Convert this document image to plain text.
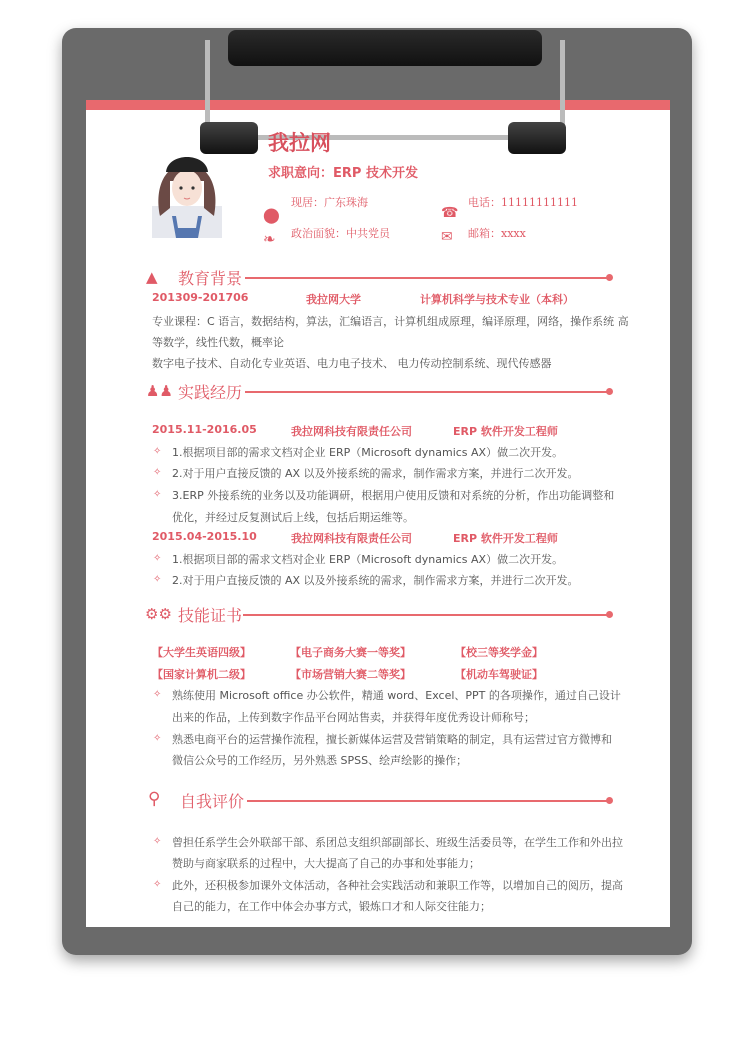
我拉网
求职意向：ERP 技术开发
现居：广东珠海	电话：11111111111
政治面貌：中共党员	邮箱：xxxx
⬤
❧
☎
✉
▲	教育背景
201309-201706	我拉网大学	计算机科学与技术专业（本科）
专业课程：C 语言，数据结构，算法，汇编语言，计算机组成原理，编译原理，网络，操作系统 高
等数学，线性代数，概率论
数字电子技术、自动化专业英语、电力电子技术、 电力传动控制系统、现代传感器
♟♟ 实践经历
2015.11-2016.05	我拉网科技有限责任公司	ERP 软件开发工程师
✧ 1.根据项目部的需求文档对企业 ERP（Microsoft dynamics AX）做二次开发。
✧ 2.对于用户直接反馈的 AX 以及外接系统的需求，制作需求方案，并进行二次开发。
✧ 3.ERP 外接系统的业务以及功能调研，根据用户使用反馈和对系统的分析，作出功能调整和
优化，并经过反复测试后上线，包括后期运维等。
2015.04-2015.10	我拉网科技有限责任公司	ERP 软件开发工程师
✧ 1.根据项目部的需求文档对企业 ERP（Microsoft dynamics AX）做二次开发。
✧ 2.对于用户直接反馈的 AX 以及外接系统的需求，制作需求方案，并进行二次开发。
⚙⚙ 技能证书
【大学生英语四级】	【电子商务大赛一等奖】	【校三等奖学金】
【国家计算机二级】	【市场营销大赛二等奖】	【机动车驾驶证】
✧ 熟练使用 Microsoft office 办公软件，精通 word、Excel、PPT 的各项操作，通过自己设计
出来的作品，上传到数字作品平台网站售卖，并获得年度优秀设计师称号；
✧ 熟悉电商平台的运营操作流程，擅长新媒体运营及营销策略的制定，具有运营过官方微博和
微信公众号的工作经历，另外熟悉 SPSS、绘声绘影的操作；
⚲	自我评价
✧ 曾担任系学生会外联部干部、系团总支组织部副部长、班级生活委员等，在学生工作和外出拉
赞助与商家联系的过程中，大大提高了自己的办事和处事能力；
✧ 此外，还积极参加课外文体活动，各种社会实践活动和兼职工作等，以增加自己的阅历，提高
自己的能力，在工作中体会办事方式，锻炼口才和人际交往能力；
